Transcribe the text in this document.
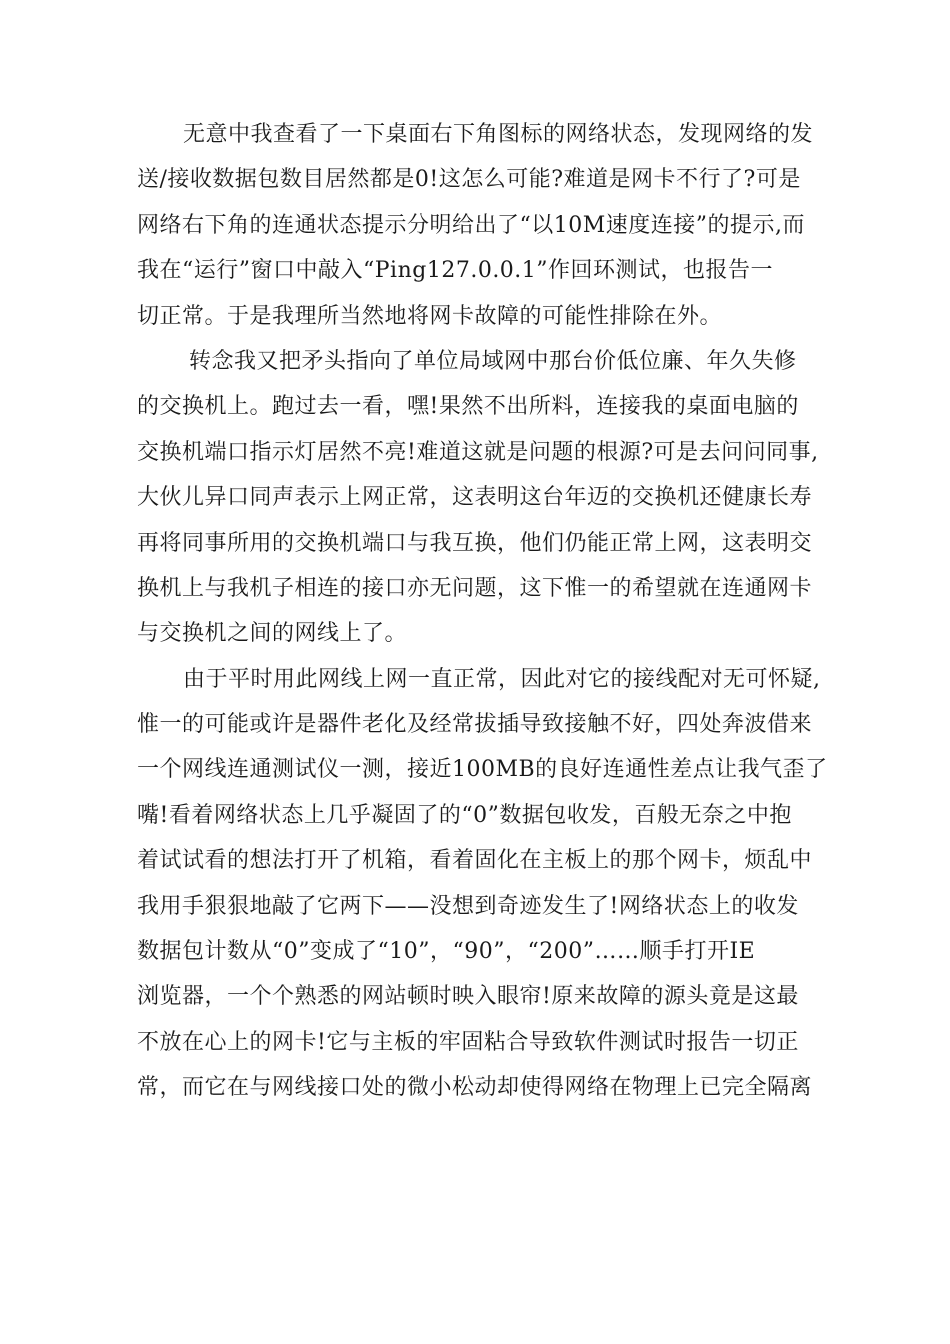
无意中我查看了一下桌面右下角图标的网络状态，发现网络的发
送/接收数据包数目居然都是0!这怎么可能?难道是网卡不行了?可是
网络右下角的连通状态提示分明给出了“以10M速度连接”的提示,而
我在“运行”窗口中敲入“Ping127.0.0.1”作回环测试，也报告一
切正常。于是我理所当然地将网卡故障的可能性排除在外。
转念我又把矛头指向了单位局域网中那台价低位廉、年久失修
的交换机上。跑过去一看，嘿!果然不出所料，连接我的桌面电脑的
交换机端口指示灯居然不亮!难道这就是问题的根源?可是去问问同事,
大伙儿异口同声表示上网正常，这表明这台年迈的交换机还健康长寿
再将同事所用的交换机端口与我互换，他们仍能正常上网，这表明交
换机上与我机子相连的接口亦无问题，这下惟一的希望就在连通网卡
与交换机之间的网线上了。
由于平时用此网线上网一直正常，因此对它的接线配对无可怀疑,
惟一的可能或许是器件老化及经常拔插导致接触不好，四处奔波借来
一个网线连通测试仪一测，接近100MB的良好连通性差点让我气歪了
嘴!看着网络状态上几乎凝固了的“0”数据包收发，百般无奈之中抱
着试试看的想法打开了机箱，看着固化在主板上的那个网卡，烦乱中
我用手狠狠地敲了它两下——没想到奇迹发生了!网络状态上的收发
数据包计数从“0”变成了“10”，“90”，“200”……顺手打开IE
浏览器，一个个熟悉的网站顿时映入眼帘!原来故障的源头竟是这最
不放在心上的网卡!它与主板的牢固粘合导致软件测试时报告一切正
常，而它在与网线接口处的微小松动却使得网络在物理上已完全隔离
